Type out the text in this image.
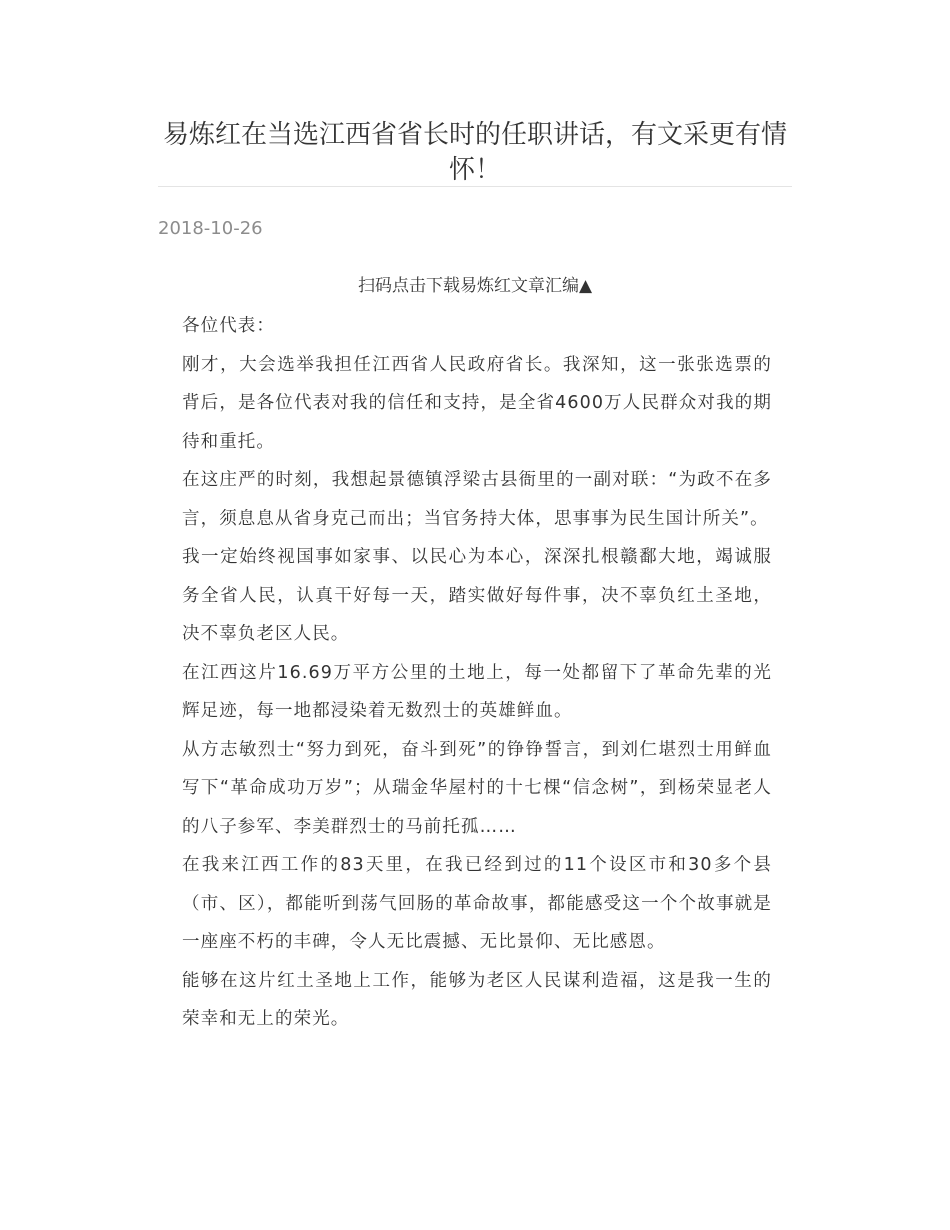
易炼红在当选江西省省长时的任职讲话，有文采更有情怀！
2018-10-26
扫码点击下载易炼红文章汇编▲

各位代表：

刚才，大会选举我担任江西省人民政府省长。我深知，这一张张选票的背后，是各位代表对我的信任和支持，是全省4600万人民群众对我的期待和重托。

在这庄严的时刻，我想起景德镇浮梁古县衙里的一副对联：“为政不在多言，须息息从省身克己而出；当官务持大体，思事事为民生国计所关”。

我一定始终视国事如家事、以民心为本心，深深扎根赣鄱大地，竭诚服务全省人民，认真干好每一天，踏实做好每件事，决不辜负红土圣地，决不辜负老区人民。

在江西这片16.69万平方公里的土地上，每一处都留下了革命先辈的光辉足迹，每一地都浸染着无数烈士的英雄鲜血。

从方志敏烈士“努力到死，奋斗到死”的铮铮誓言，到刘仁堪烈士用鲜血写下“革命成功万岁”；从瑞金华屋村的十七棵“信念树”，到杨荣显老人的八子参军、李美群烈士的马前托孤……

在我来江西工作的83天里，在我已经到过的11个设区市和30多个县（市、区），都能听到荡气回肠的革命故事，都能感受这一个个故事就是一座座不朽的丰碑，令人无比震撼、无比景仰、无比感恩。

能够在这片红土圣地上工作，能够为老区人民谋利造福，这是我一生的荣幸和无上的荣光。
